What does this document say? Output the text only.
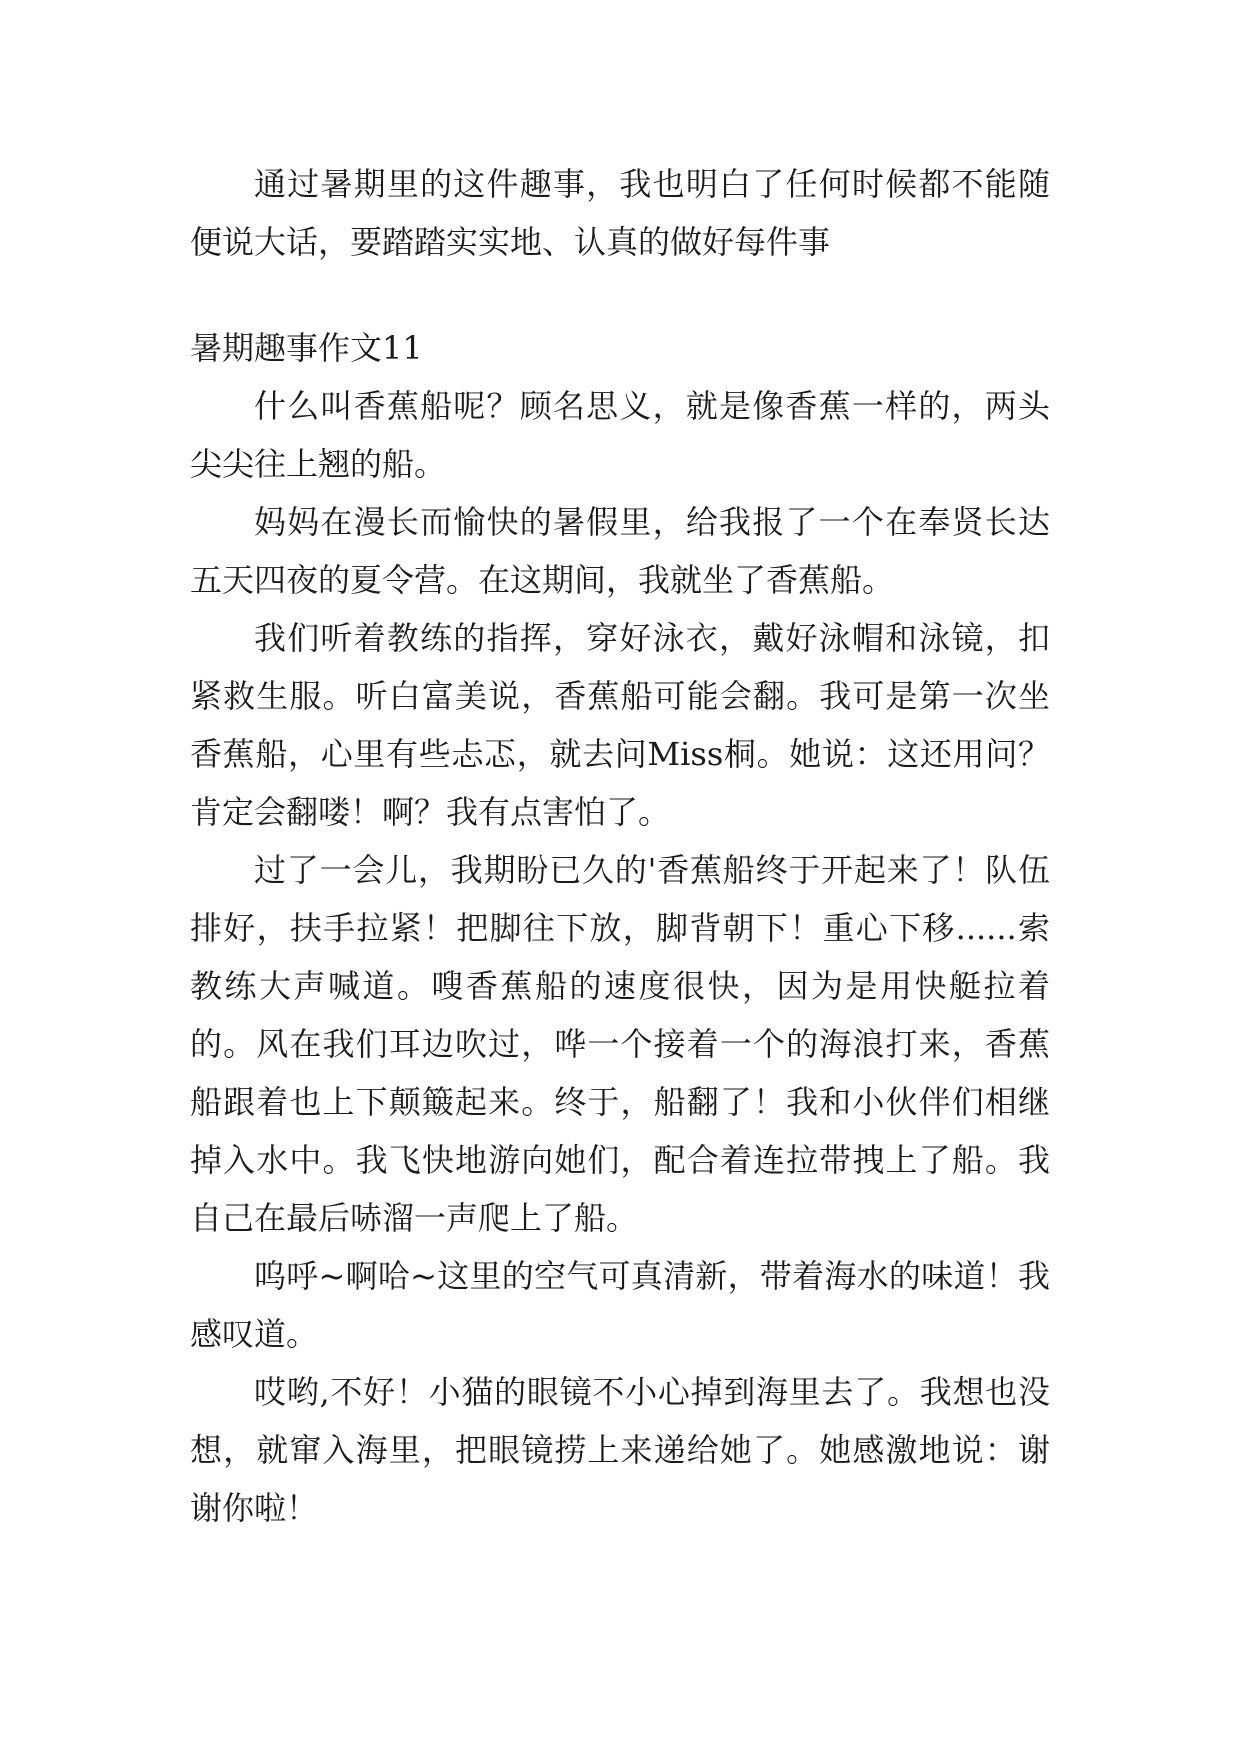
通过暑期里的这件趣事，我也明白了任何时候都不能随便说大话，要踏踏实实地、认真的做好每件事

暑期趣事作文11

什么叫香蕉船呢？顾名思义，就是像香蕉一样的，两头尖尖往上翘的船。

妈妈在漫长而愉快的暑假里，给我报了一个在奉贤长达五天四夜的夏令营。在这期间，我就坐了香蕉船。

我们听着教练的指挥，穿好泳衣，戴好泳帽和泳镜，扣紧救生服。听白富美说，香蕉船可能会翻。我可是第一次坐香蕉船，心里有些忐忑，就去问Miss桐。她说：这还用问？肯定会翻喽！啊？我有点害怕了。

过了一会儿，我期盼已久的'香蕉船终于开起来了！队伍排好，扶手拉紧！把脚往下放，脚背朝下！重心下移......索教练大声喊道。嗖香蕉船的速度很快，因为是用快艇拉着的。风在我们耳边吹过，哗一个接着一个的海浪打来，香蕉船跟着也上下颠簸起来。终于，船翻了！我和小伙伴们相继掉入水中。我飞快地游向她们，配合着连拉带拽上了船。我自己在最后哧溜一声爬上了船。

呜呼~啊哈~这里的空气可真清新，带着海水的味道！我感叹道。

哎哟,不好！小猫的眼镜不小心掉到海里去了。我想也没想，就窜入海里，把眼镜捞上来递给她了。她感激地说：谢谢你啦！
